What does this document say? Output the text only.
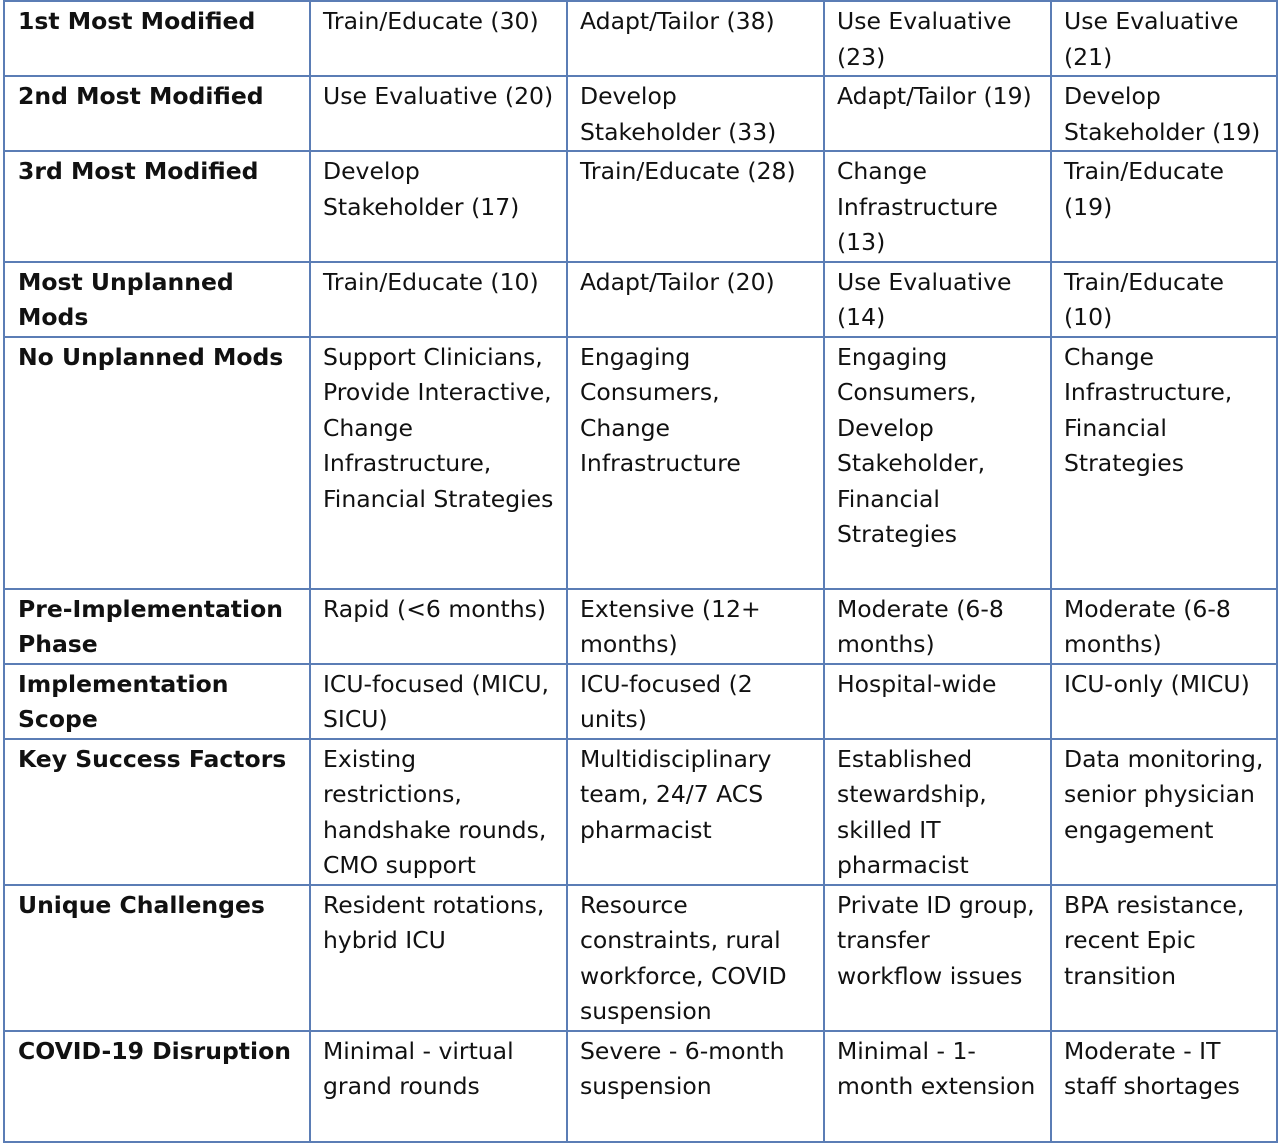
1st Most Modified	Train/Educate (30)	Adapt/Tailor (38)	Use Evaluative (23)	Use Evaluative (21)
2nd Most Modified	Use Evaluative (20)	Develop Stakeholder (33)	Adapt/Tailor (19)	Develop Stakeholder (19)
3rd Most Modified	Develop Stakeholder (17)	Train/Educate (28)	Change Infrastructure (13)	Train/Educate (19)
Most Unplanned Mods	Train/Educate (10)	Adapt/Tailor (20)	Use Evaluative (14)	Train/Educate (10)
No Unplanned Mods	Support Clinicians, Provide Interactive, Change Infrastructure, Financial Strategies	Engaging Consumers, Change Infrastructure	Engaging Consumers, Develop Stakeholder, Financial Strategies	Change Infrastructure, Financial Strategies
Pre-Implementation Phase	Rapid (<6 months)	Extensive (12+ months)	Moderate (6-8 months)	Moderate (6-8 months)
Implementation Scope	ICU-focused (MICU, SICU)	ICU-focused (2 units)	Hospital-wide	ICU-only (MICU)
Key Success Factors	Existing restrictions, handshake rounds, CMO support	Multidisciplinary team, 24/7 ACS pharmacist	Established stewardship, skilled IT pharmacist	Data monitoring, senior physician engagement
Unique Challenges	Resident rotations, hybrid ICU	Resource constraints, rural workforce, COVID suspension	Private ID group, transfer workflow issues	BPA resistance, recent Epic transition
COVID-19 Disruption	Minimal - virtual grand rounds	Severe - 6-month suspension	Minimal - 1-month extension	Moderate - IT staff shortages
